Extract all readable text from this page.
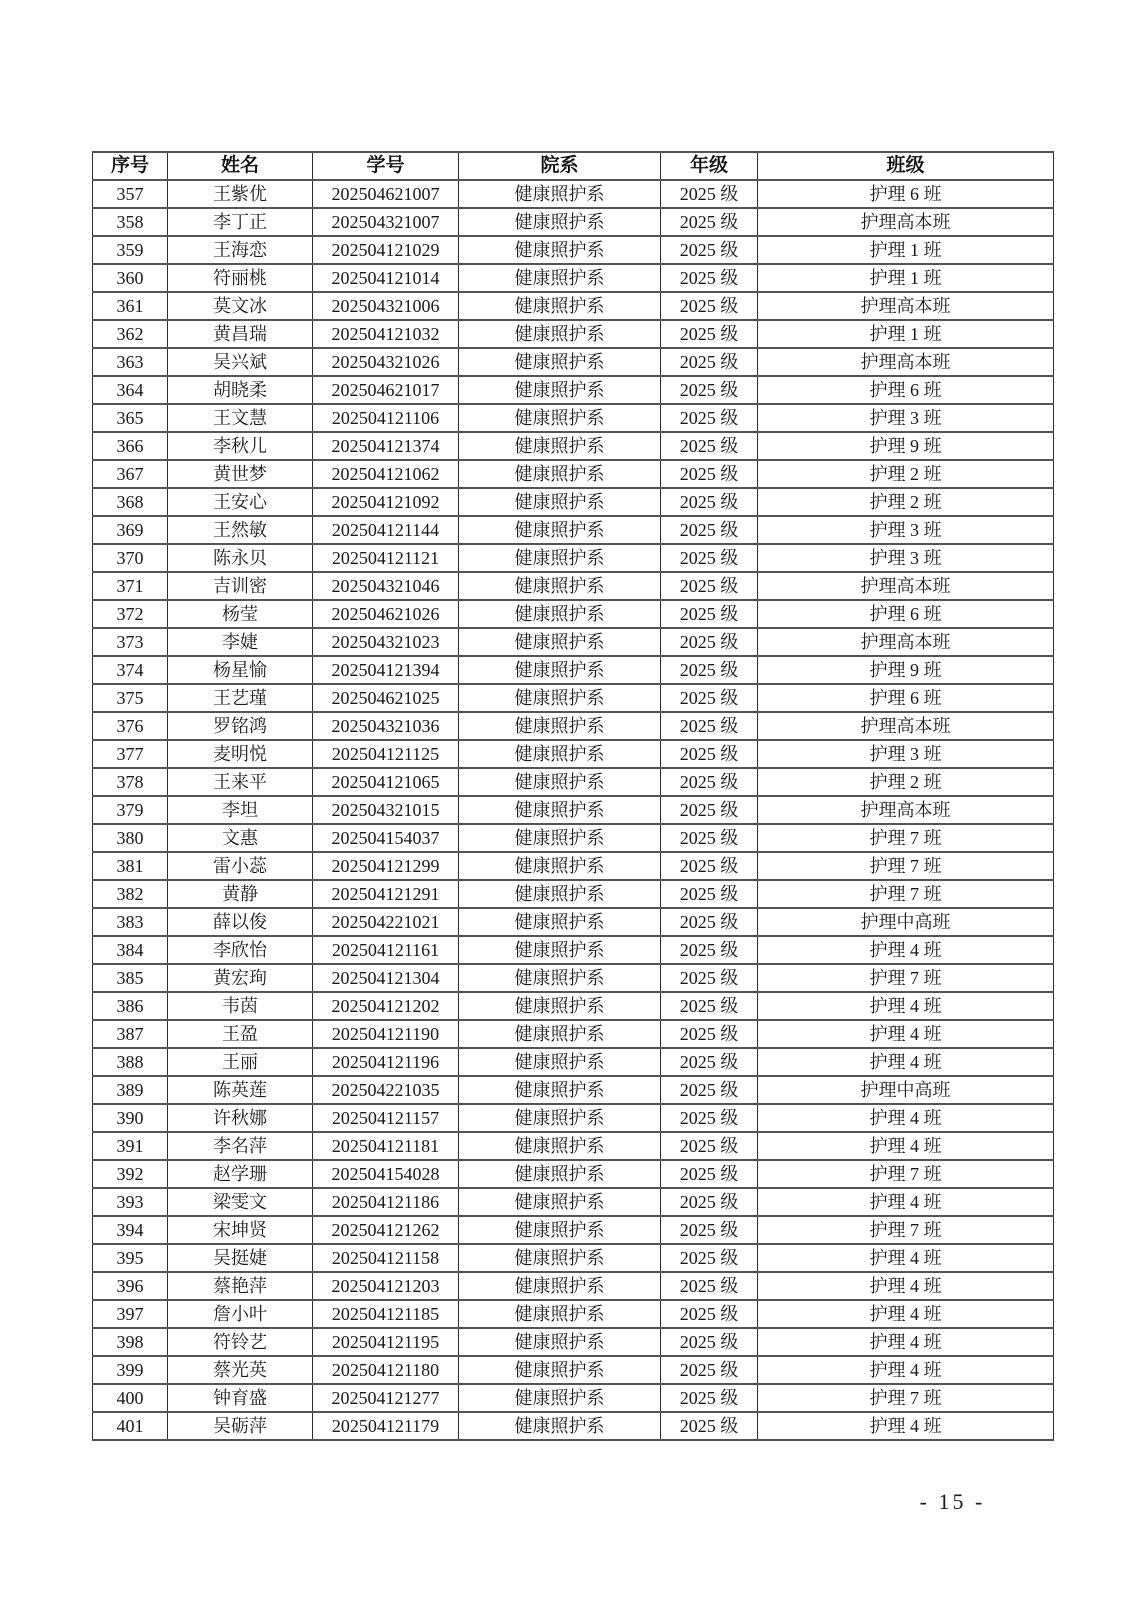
序号	姓名	学号	院系	年级	班级
357	王紫优	202504621007	健康照护系	2025 级	护理 6 班
358	李丁正	202504321007	健康照护系	2025 级	护理高本班
359	王海恋	202504121029	健康照护系	2025 级	护理 1 班
360	符丽桃	202504121014	健康照护系	2025 级	护理 1 班
361	莫文冰	202504321006	健康照护系	2025 级	护理高本班
362	黄昌瑞	202504121032	健康照护系	2025 级	护理 1 班
363	吴兴斌	202504321026	健康照护系	2025 级	护理高本班
364	胡晓柔	202504621017	健康照护系	2025 级	护理 6 班
365	王文慧	202504121106	健康照护系	2025 级	护理 3 班
366	李秋儿	202504121374	健康照护系	2025 级	护理 9 班
367	黄世梦	202504121062	健康照护系	2025 级	护理 2 班
368	王安心	202504121092	健康照护系	2025 级	护理 2 班
369	王然敏	202504121144	健康照护系	2025 级	护理 3 班
370	陈永贝	202504121121	健康照护系	2025 级	护理 3 班
371	吉训密	202504321046	健康照护系	2025 级	护理高本班
372	杨莹	202504621026	健康照护系	2025 级	护理 6 班
373	李婕	202504321023	健康照护系	2025 级	护理高本班
374	杨星愉	202504121394	健康照护系	2025 级	护理 9 班
375	王艺瑾	202504621025	健康照护系	2025 级	护理 6 班
376	罗铭鸿	202504321036	健康照护系	2025 级	护理高本班
377	麦明悦	202504121125	健康照护系	2025 级	护理 3 班
378	王来平	202504121065	健康照护系	2025 级	护理 2 班
379	李坦	202504321015	健康照护系	2025 级	护理高本班
380	文惠	202504154037	健康照护系	2025 级	护理 7 班
381	雷小蕊	202504121299	健康照护系	2025 级	护理 7 班
382	黄静	202504121291	健康照护系	2025 级	护理 7 班
383	薛以俊	202504221021	健康照护系	2025 级	护理中高班
384	李欣怡	202504121161	健康照护系	2025 级	护理 4 班
385	黄宏珣	202504121304	健康照护系	2025 级	护理 7 班
386	韦茵	202504121202	健康照护系	2025 级	护理 4 班
387	王盈	202504121190	健康照护系	2025 级	护理 4 班
388	王丽	202504121196	健康照护系	2025 级	护理 4 班
389	陈英莲	202504221035	健康照护系	2025 级	护理中高班
390	许秋娜	202504121157	健康照护系	2025 级	护理 4 班
391	李名萍	202504121181	健康照护系	2025 级	护理 4 班
392	赵学珊	202504154028	健康照护系	2025 级	护理 7 班
393	梁雯文	202504121186	健康照护系	2025 级	护理 4 班
394	宋坤贤	202504121262	健康照护系	2025 级	护理 7 班
395	吴挺婕	202504121158	健康照护系	2025 级	护理 4 班
396	蔡艳萍	202504121203	健康照护系	2025 级	护理 4 班
397	詹小叶	202504121185	健康照护系	2025 级	护理 4 班
398	符铃艺	202504121195	健康照护系	2025 级	护理 4 班
399	蔡光英	202504121180	健康照护系	2025 级	护理 4 班
400	钟育盛	202504121277	健康照护系	2025 级	护理 7 班
401	吴砺萍	202504121179	健康照护系	2025 级	护理 4 班
- 15 -
